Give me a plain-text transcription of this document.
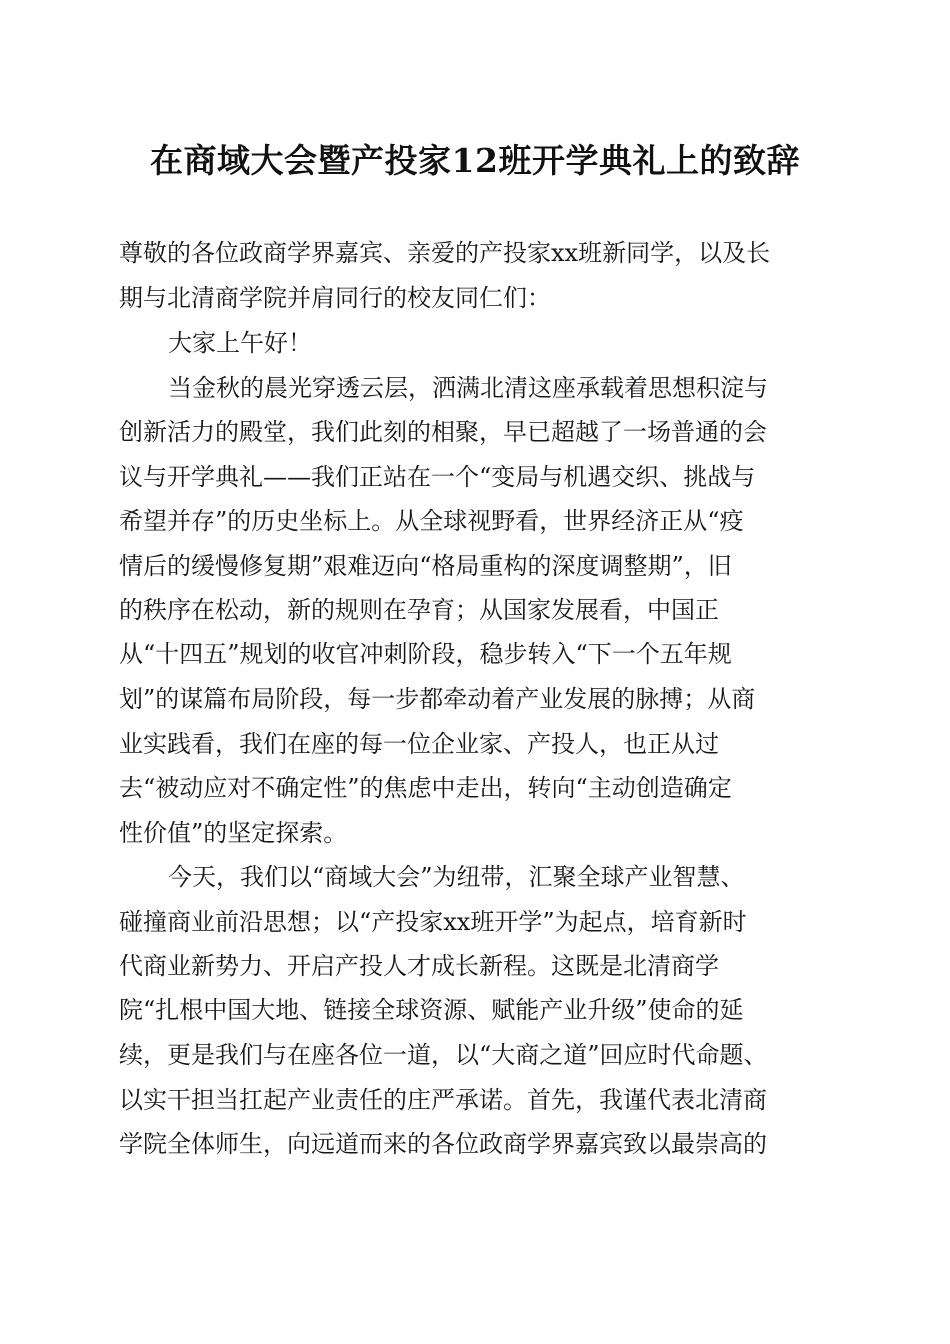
在商域大会暨产投家12班开学典礼上的致辞
尊敬的各位政商学界嘉宾、亲爱的产投家xx班新同学，以及长
期与北清商学院并肩同行的校友同仁们：
大家上午好！
当金秋的晨光穿透云层，洒满北清这座承载着思想积淀与
创新活力的殿堂，我们此刻的相聚，早已超越了一场普通的会
议与开学典礼——我们正站在一个“变局与机遇交织、挑战与
希望并存”的历史坐标上。从全球视野看，世界经济正从“疫
情后的缓慢修复期”艰难迈向“格局重构的深度调整期”，旧
的秩序在松动，新的规则在孕育；从国家发展看，中国正
从“十四五”规划的收官冲刺阶段，稳步转入“下一个五年规
划”的谋篇布局阶段，每一步都牵动着产业发展的脉搏；从商
业实践看，我们在座的每一位企业家、产投人，也正从过
去“被动应对不确定性”的焦虑中走出，转向“主动创造确定
性价值”的坚定探索。
今天，我们以“商域大会”为纽带，汇聚全球产业智慧、
碰撞商业前沿思想；以“产投家xx班开学”为起点，培育新时
代商业新势力、开启产投人才成长新程。这既是北清商学
院“扎根中国大地、链接全球资源、赋能产业升级”使命的延
续，更是我们与在座各位一道，以“大商之道”回应时代命题、
以实干担当扛起产业责任的庄严承诺。首先，我谨代表北清商
学院全体师生，向远道而来的各位政商学界嘉宾致以最崇高的
